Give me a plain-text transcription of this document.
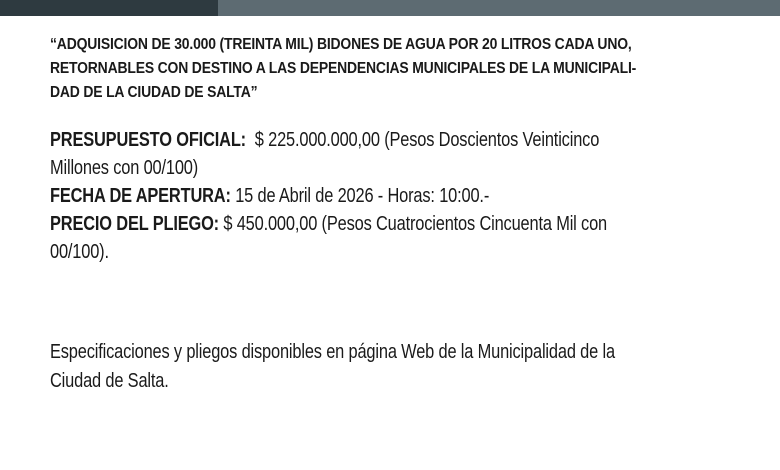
“ADQUISICION DE 30.000 (TREINTA MIL) BIDONES DE AGUA POR 20 LITROS CADA UNO,
RETORNABLES CON DESTINO A LAS DEPENDENCIAS MUNICIPALES DE LA MUNICIPALI-
DAD DE LA CIUDAD DE SALTA”

PRESUPUESTO OFICIAL: $ 225.000.000,00 (Pesos Doscientos Veinticinco

Millones con 00/100)

FECHA DE APERTURA: 15 de Abril de 2026 - Horas: 10:00.-

PRECIO DEL PLIEGO: $ 450.000,00 (Pesos Cuatrocientos Cincuenta Mil con

00/100).

Especificaciones y pliegos disponibles en página Web de la Municipalidad de la

Ciudad de Salta.
